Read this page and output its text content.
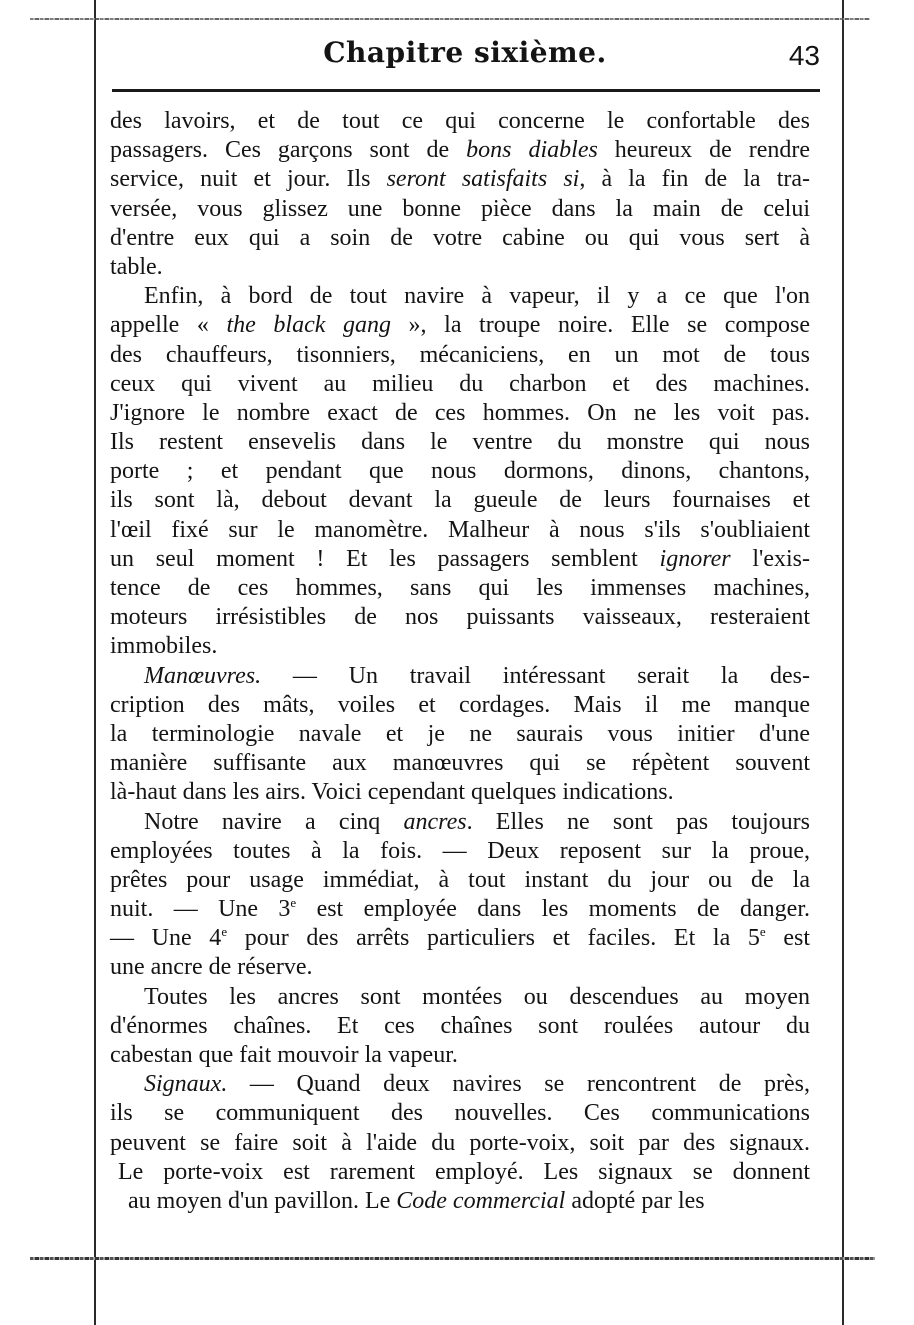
Chapitre sixième.	43
des lavoirs, et de tout ce qui concerne le confortable des
passagers. Ces garçons sont de bons diables heureux de rendre
service, nuit et jour. Ils seront satisfaits si, à la fin de la tra-
versée, vous glissez une bonne pièce dans la main de celui
d'entre eux qui a soin de votre cabine ou qui vous sert à
table.
Enfin, à bord de tout navire à vapeur, il y a ce que l'on
appelle « the black gang », la troupe noire. Elle se compose
des chauffeurs, tisonniers, mécaniciens, en un mot de tous
ceux qui vivent au milieu du charbon et des machines.
J'ignore le nombre exact de ces hommes. On ne les voit pas.
Ils restent ensevelis dans le ventre du monstre qui nous
porte ; et pendant que nous dormons, dinons, chantons,
ils sont là, debout devant la gueule de leurs fournaises et
l'œil fixé sur le manomètre. Malheur à nous s'ils s'oubliaient
un seul moment ! Et les passagers semblent ignorer l'exis-
tence de ces hommes, sans qui les immenses machines,
moteurs irrésistibles de nos puissants vaisseaux, resteraient
immobiles.
Manœuvres. — Un travail intéressant serait la des-
cription des mâts, voiles et cordages. Mais il me manque
la terminologie navale et je ne saurais vous initier d'une
manière suffisante aux manœuvres qui se répètent souvent
là-haut dans les airs. Voici cependant quelques indications.
Notre navire a cinq ancres. Elles ne sont pas toujours
employées toutes à la fois. — Deux reposent sur la proue,
prêtes pour usage immédiat, à tout instant du jour ou de la
nuit. — Une 3e est employée dans les moments de danger.
— Une 4e pour des arrêts particuliers et faciles. Et la 5e est
une ancre de réserve.
Toutes les ancres sont montées ou descendues au moyen
d'énormes chaînes. Et ces chaînes sont roulées autour du
cabestan que fait mouvoir la vapeur.
Signaux. — Quand deux navires se rencontrent de près,
ils se communiquent des nouvelles. Ces communications
peuvent se faire soit à l'aide du porte-voix, soit par des signaux.
Le porte-voix est rarement employé. Les signaux se donnent
au moyen d'un pavillon. Le Code commercial adopté par les
